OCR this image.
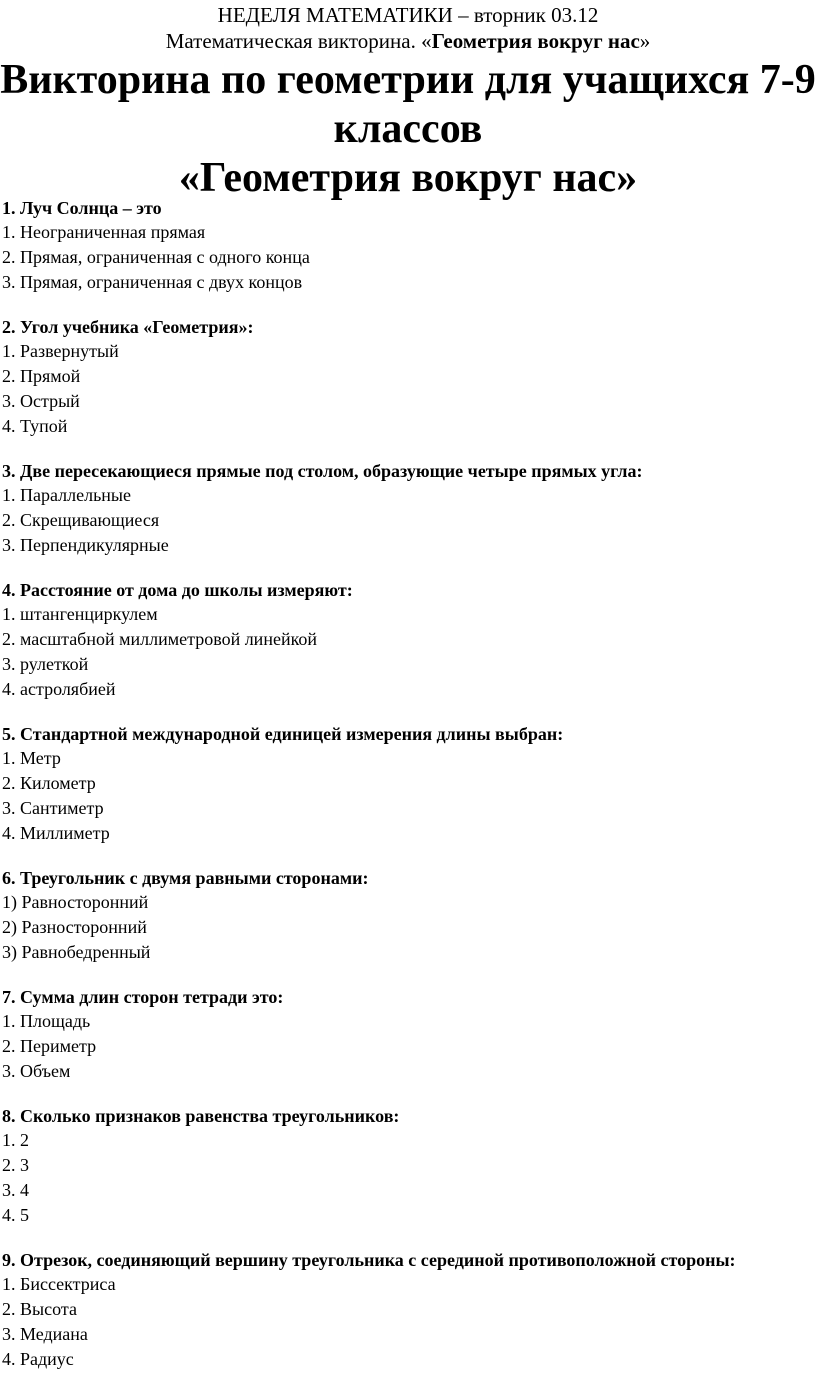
НЕДЕЛЯ МАТЕМАТИКИ – вторник 03.12
Математическая викторина. «Геометрия вокруг нас»
Викторина по геометрии для учащихся 7-9
классов
«Геометрия вокруг нас»
1. Луч Солнца – это
1. Неограниченная прямая
2. Прямая, ограниченная с одного конца
3. Прямая, ограниченная с двух концов
2. Угол учебника «Геометрия»:
1. Развернутый
2. Прямой
3. Острый
4. Тупой
3. Две пересекающиеся прямые под столом, образующие четыре прямых угла:
1. Параллельные
2. Скрещивающиеся
3. Перпендикулярные
4. Расстояние от дома до школы измеряют:
1. штангенциркулем
2. масштабной миллиметровой линейкой
3. рулеткой
4. астролябией
5. Стандартной международной единицей измерения длины выбран:
1. Метр
2. Километр
3. Сантиметр
4. Миллиметр
6. Треугольник с двумя равными сторонами:
1) Равносторонний
2) Разносторонний
3) Равнобедренный
7. Сумма длин сторон тетради это:
1. Площадь
2. Периметр
3. Объем
8. Сколько признаков равенства треугольников:
1. 2
2. 3
3. 4
4. 5
9. Отрезок, соединяющий вершину треугольника с серединой противоположной стороны:
1. Биссектриса
2. Высота
3. Медиана
4. Радиус
